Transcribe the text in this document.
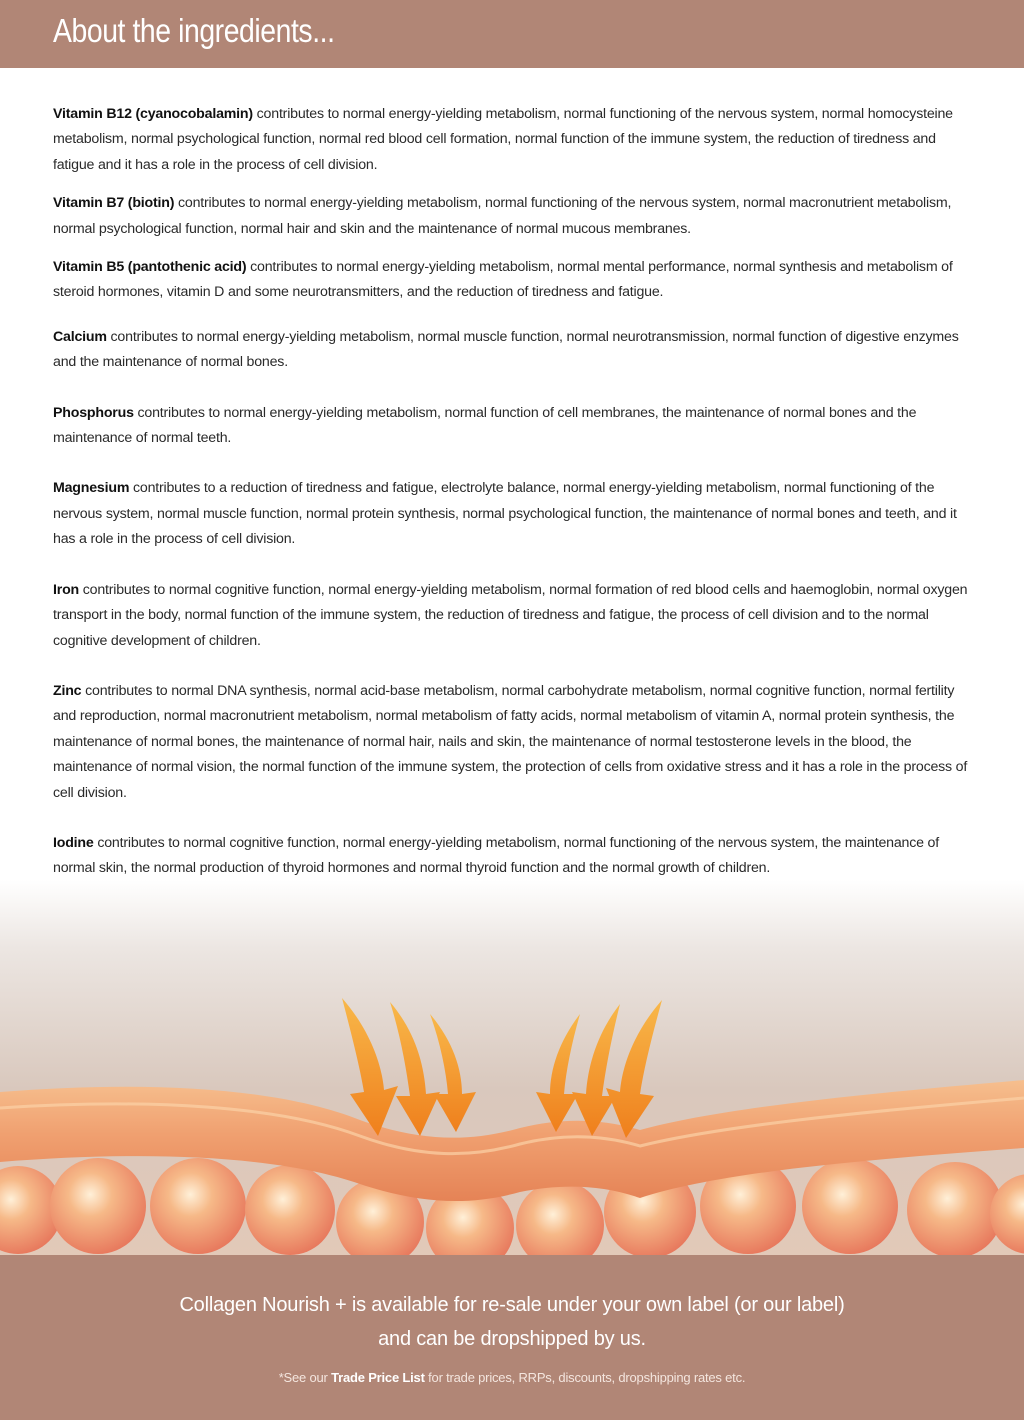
About the ingredients...

Vitamin B12 (cyanocobalamin) contributes to normal energy-yielding metabolism, normal functioning of the nervous system, normal homocysteine metabolism, normal psychological function, normal red blood cell formation, normal function of the immune system, the reduction of tiredness and fatigue and it has a role in the process of cell division.

Vitamin B7 (biotin) contributes to normal energy-yielding metabolism, normal functioning of the nervous system, normal macronutrient metabolism, normal psychological function, normal hair and skin and the maintenance of normal mucous membranes.

Vitamin B5 (pantothenic acid) contributes to normal energy-yielding metabolism, normal mental performance, normal synthesis and metabolism of steroid hormones, vitamin D and some neurotransmitters, and the reduction of tiredness and fatigue.

Calcium contributes to normal energy-yielding metabolism, normal muscle function, normal neurotransmission, normal function of digestive enzymes and the maintenance of normal bones.

Phosphorus contributes to normal energy-yielding metabolism, normal function of cell membranes, the maintenance of normal bones and the maintenance of normal teeth.

Magnesium contributes to a reduction of tiredness and fatigue, electrolyte balance, normal energy-yielding metabolism, normal functioning of the nervous system, normal muscle function, normal protein synthesis, normal psychological function, the maintenance of normal bones and teeth, and it has a role in the process of cell division.

Iron contributes to normal cognitive function, normal energy-yielding metabolism, normal formation of red blood cells and haemoglobin, normal oxygen transport in the body, normal function of the immune system, the reduction of tiredness and fatigue, the process of cell division and to the normal cognitive development of children.

Zinc contributes to normal DNA synthesis, normal acid-base metabolism, normal carbohydrate metabolism, normal cognitive function, normal fertility and reproduction, normal macronutrient metabolism, normal metabolism of fatty acids, normal metabolism of vitamin A, normal protein synthesis, the maintenance of normal bones, the maintenance of normal hair, nails and skin, the maintenance of normal testosterone levels in the blood, the maintenance of normal vision, the normal function of the immune system, the protection of cells from oxidative stress and it has a role in the process of cell division.

Iodine contributes to normal cognitive function, normal energy-yielding metabolism, normal functioning of the nervous system, the maintenance of normal skin, the normal production of thyroid hormones and normal thyroid function and the normal growth of children.

Collagen Nourish + is available for re-sale under your own label (or our label)
and can be dropshipped by us.
*See our Trade Price List for trade prices, RRPs, discounts, dropshipping rates etc.
